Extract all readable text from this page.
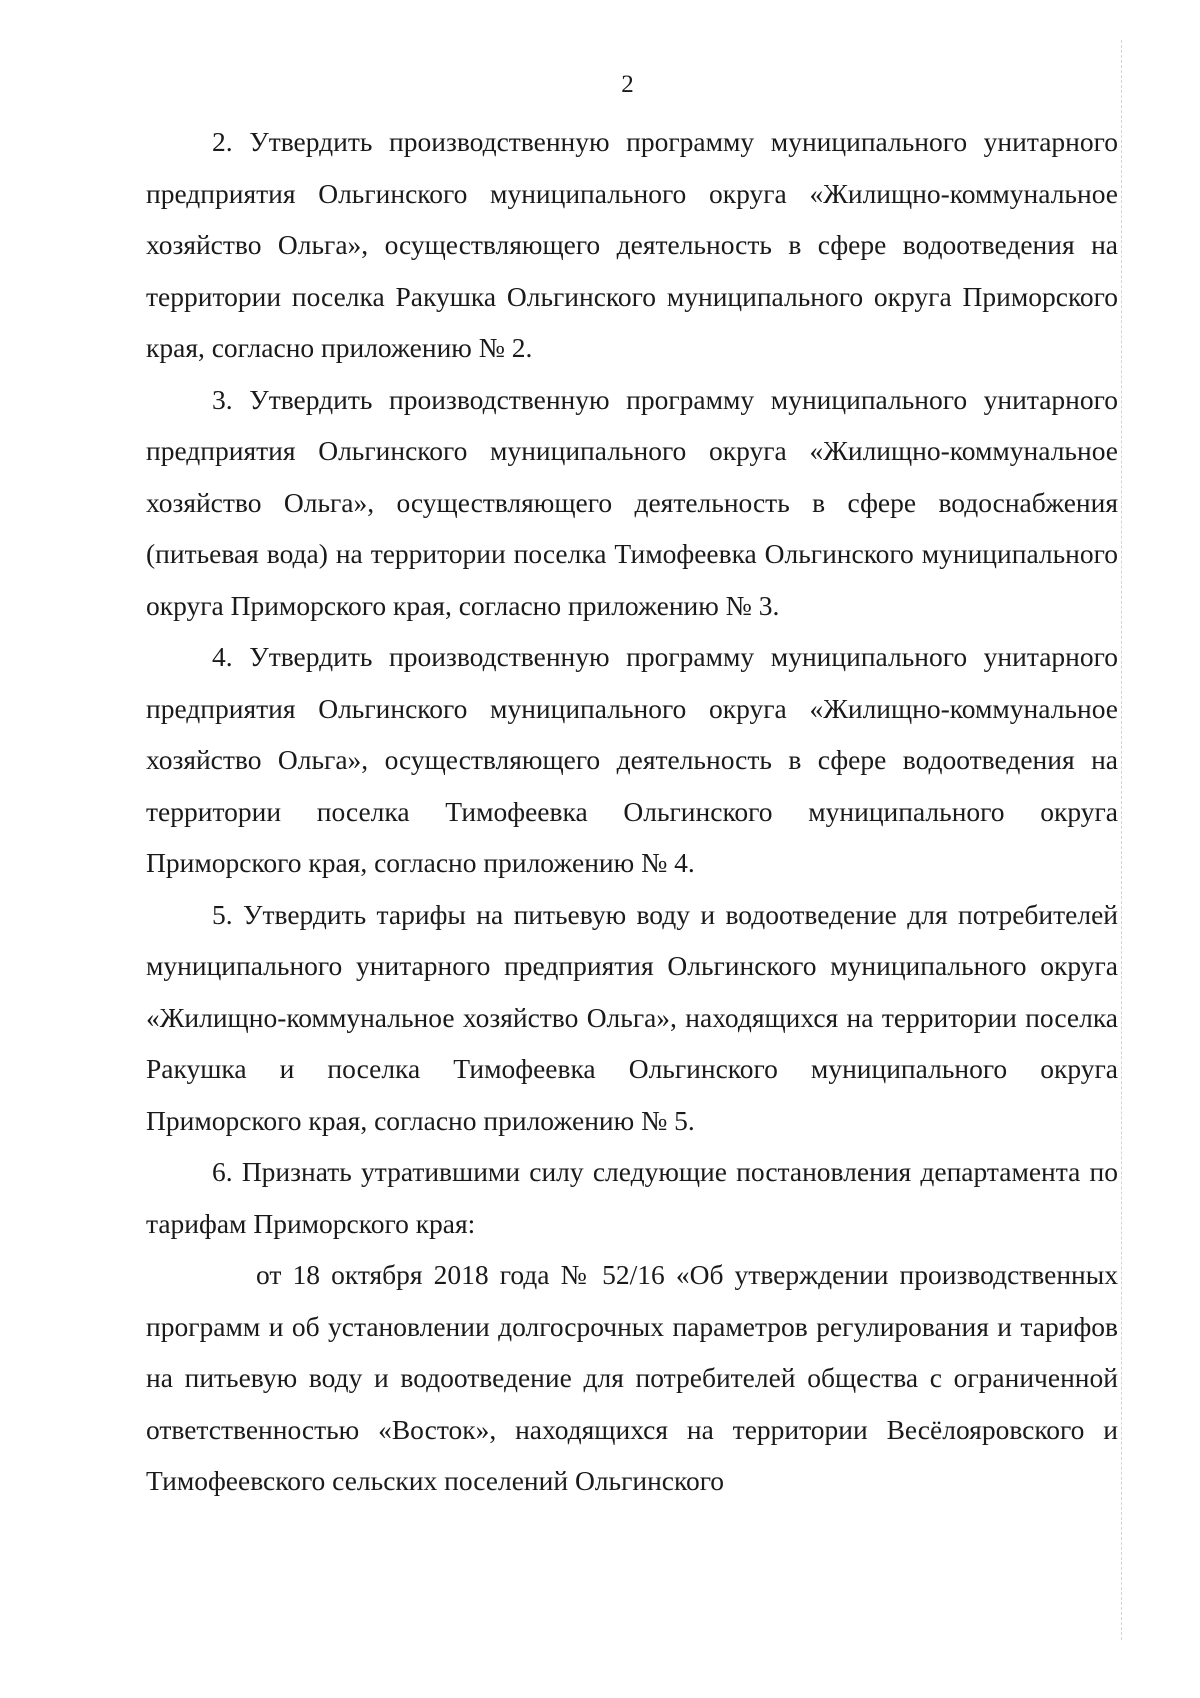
2

2. Утвердить производственную программу муниципального унитарного предприятия Ольгинского муниципального округа «Жилищно-коммунальное хозяйство Ольга», осуществляющего деятельность в сфере водоотведения на территории поселка Ракушка Ольгинского муниципального округа Приморского края, согласно приложению № 2.

3. Утвердить производственную программу муниципального унитарного предприятия Ольгинского муниципального округа «Жилищно-коммунальное хозяйство Ольга», осуществляющего деятельность в сфере водоснабжения (питьевая вода) на территории поселка Тимофеевка Ольгинского муниципального округа Приморского края, согласно приложению № 3.

4. Утвердить производственную программу муниципального унитарного предприятия Ольгинского муниципального округа «Жилищно-коммунальное хозяйство Ольга», осуществляющего деятельность в сфере водоотведения на территории поселка Тимофеевка Ольгинского муниципального округа Приморского края, согласно приложению № 4.

5. Утвердить тарифы на питьевую воду и водоотведение для потребителей муниципального унитарного предприятия Ольгинского муниципального округа «Жилищно-коммунальное хозяйство Ольга», находящихся на территории поселка Ракушка и поселка Тимофеевка Ольгинского муниципального округа Приморского края, согласно приложению № 5.

6. Признать утратившими силу следующие постановления департамента по тарифам Приморского края:

от 18 октября 2018 года № 52/16 «Об утверждении производственных программ и об установлении долгосрочных параметров регулирования и тарифов на питьевую воду и водоотведение для потребителей общества с ограниченной ответственностью «Восток», находящихся на территории Весёлояровского и Тимофеевского сельских поселений Ольгинского
